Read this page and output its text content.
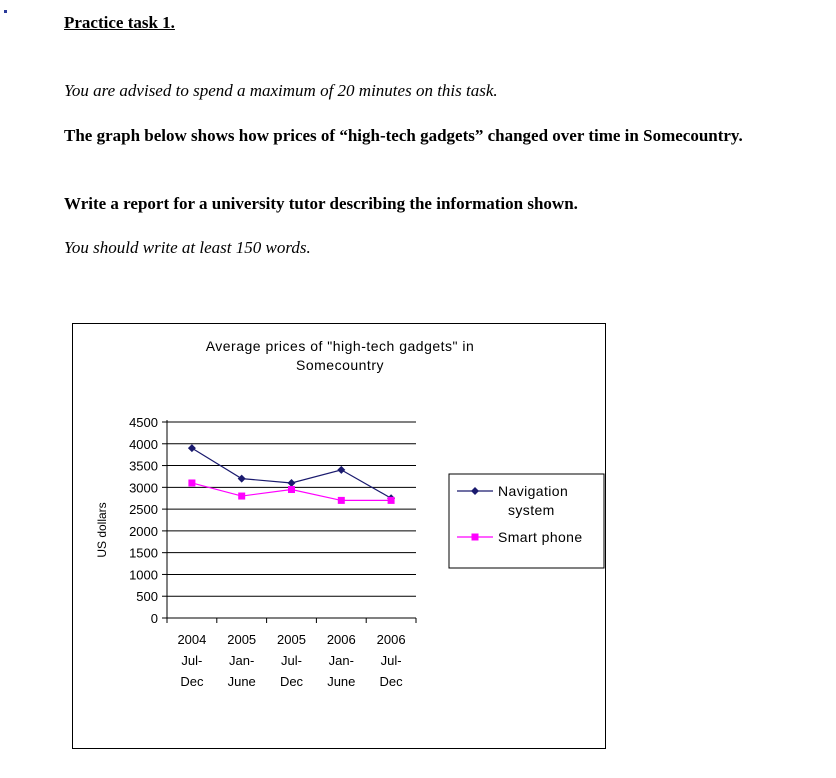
Practice task 1.
You are advised to spend a maximum of 20 minutes on this task.
The graph below shows how prices of “high-tech gadgets” changed over time in Somecountry.
Write a report for a university tutor describing the information shown.
You should write at least 150 words.
Average prices of "high-tech gadgets" in
Somecountry
US dollars
0
500
1000
1500
2000
2500
3000
3500
4000
4500
2004
Jul-
Dec
2005
Jan-
June
2005
Jul-
Dec
2006
Jan-
June
2006
Jul-
Dec
Navigation
system
Smart phone
